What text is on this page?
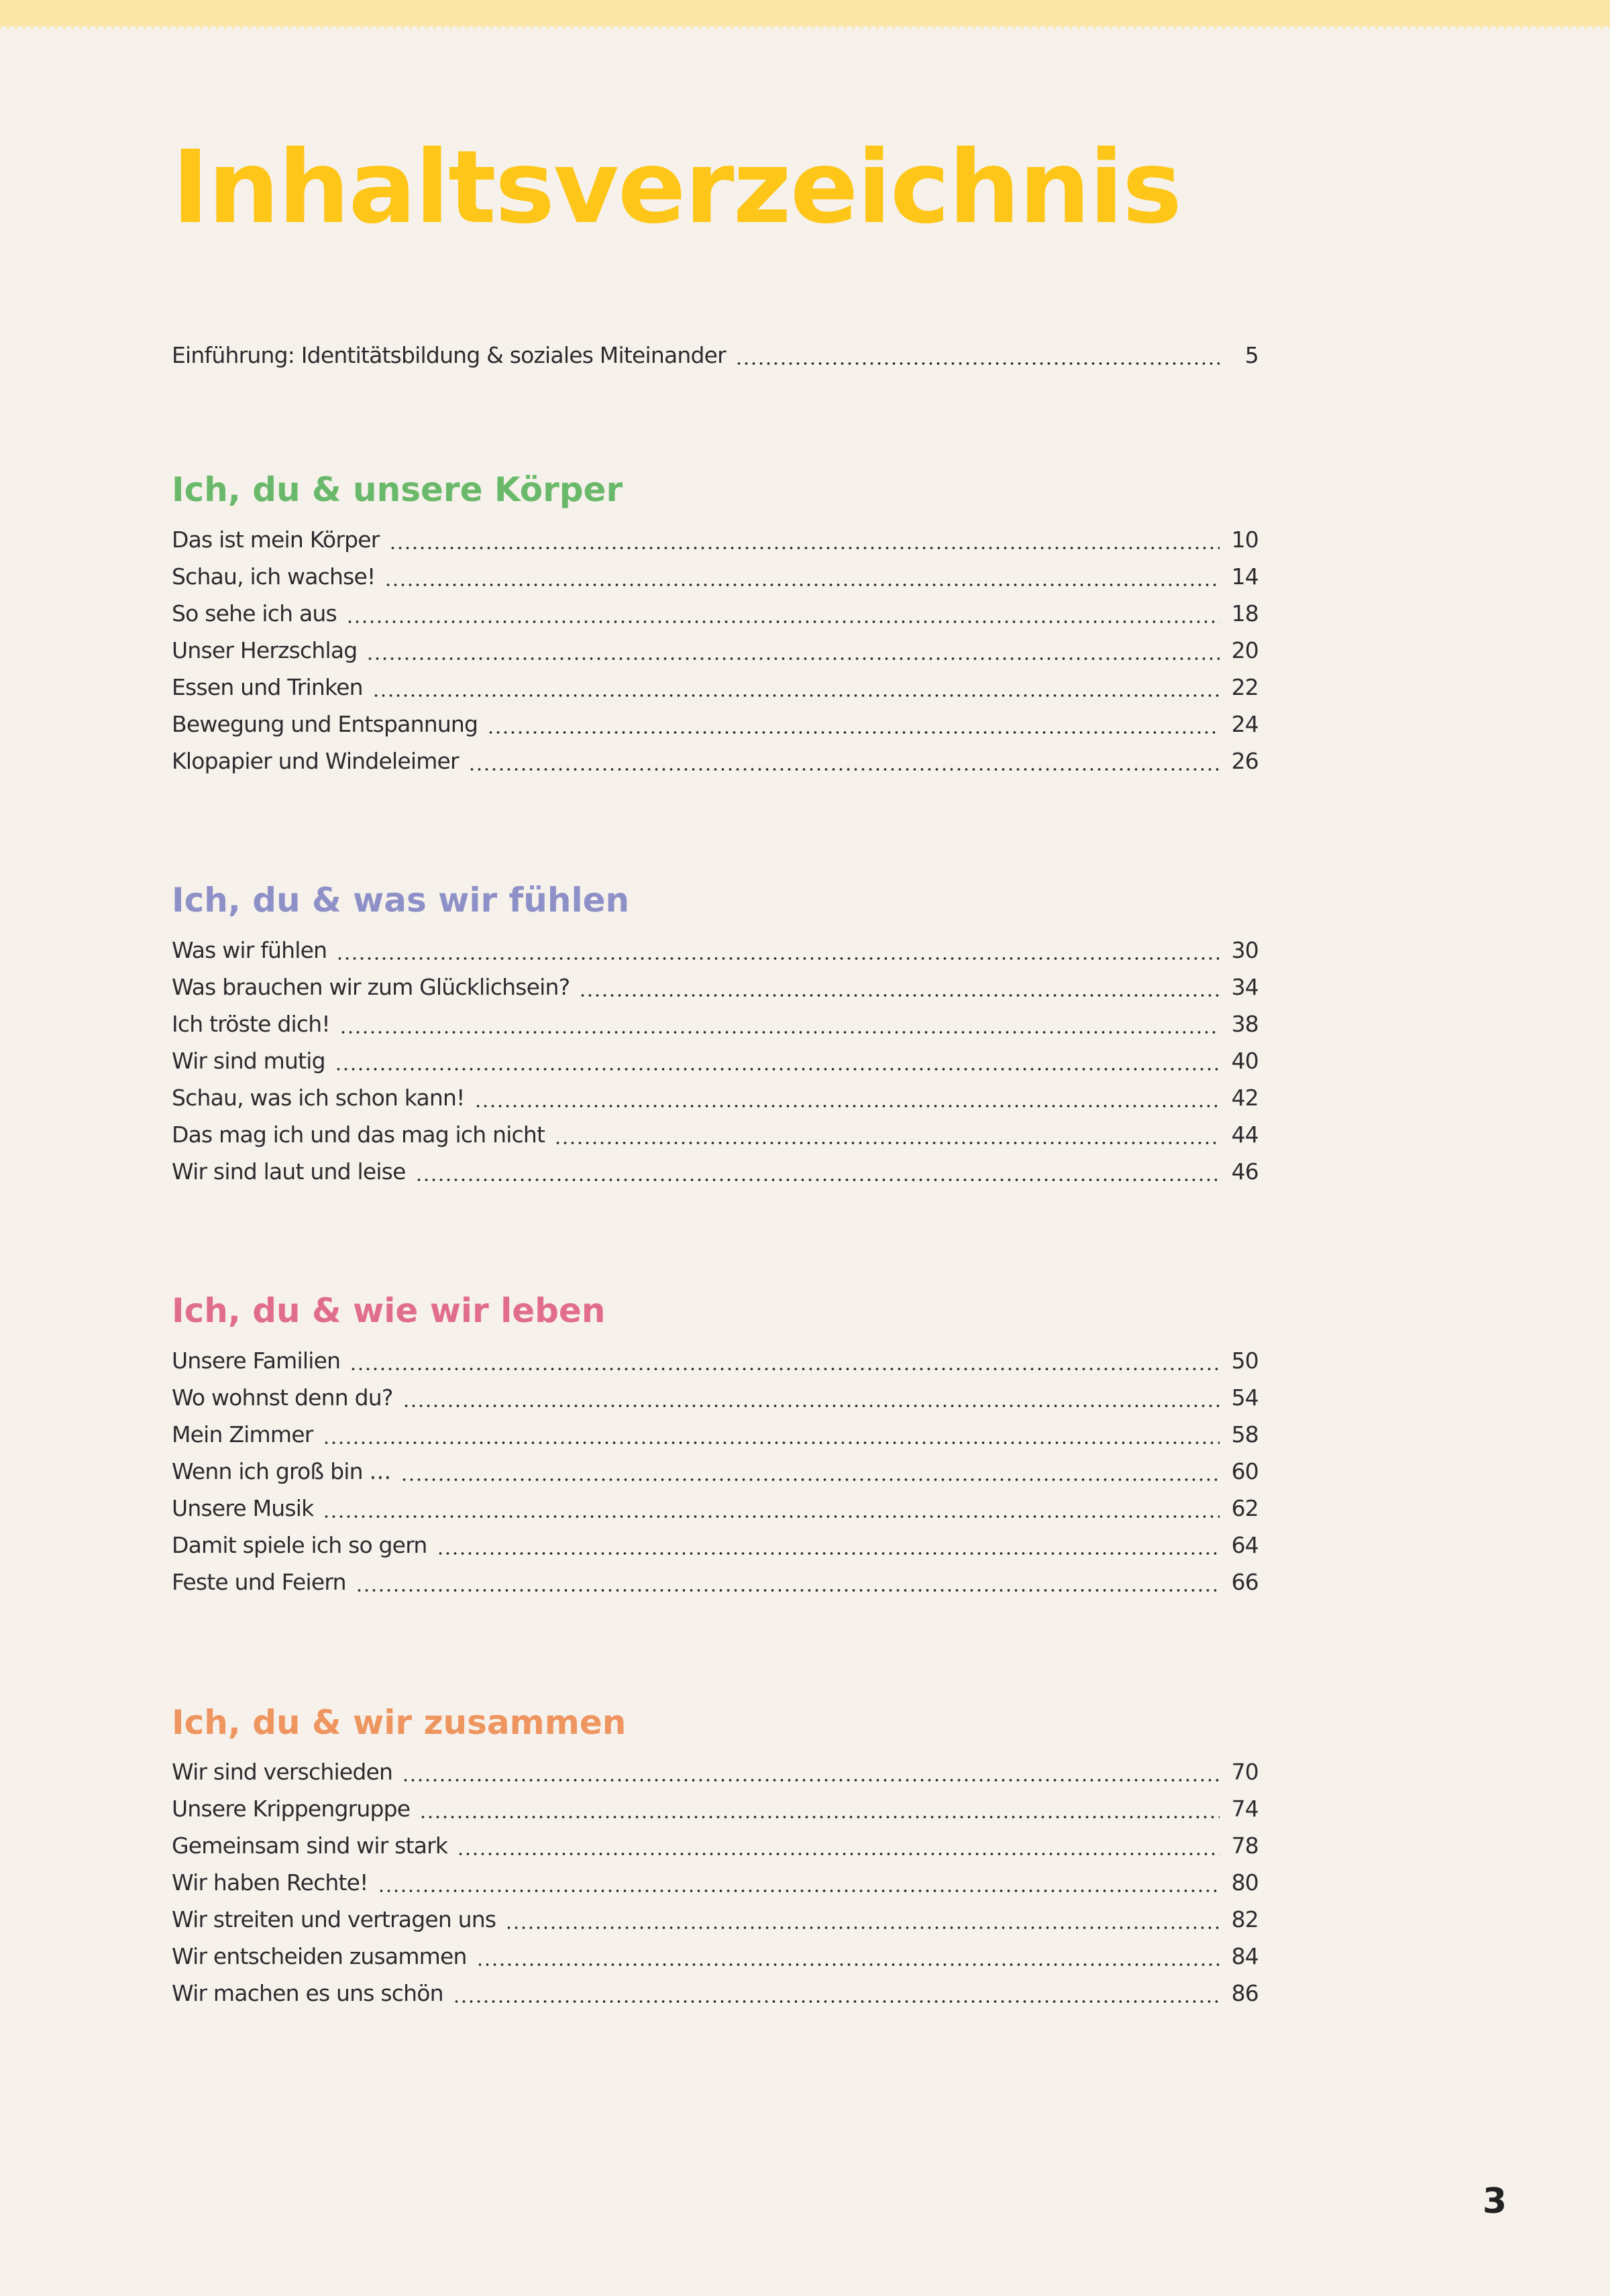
Inhaltsverzeichnis
Einführung: Identitätsbildung & soziales Miteinander	5
Ich, du & unsere Körper
Das ist mein Körper	10
Schau, ich wachse!	14
So sehe ich aus	18
Unser Herzschlag	20
Essen und Trinken	22
Bewegung und Entspannung	24
Klopapier und Windeleimer	26
Ich, du & was wir fühlen
Was wir fühlen	30
Was brauchen wir zum Glücklichsein?	34
Ich tröste dich!	38
Wir sind mutig	40
Schau, was ich schon kann!	42
Das mag ich und das mag ich nicht	44
Wir sind laut und leise	46
Ich, du & wie wir leben
Unsere Familien	50
Wo wohnst denn du?	54
Mein Zimmer	58
Wenn ich groß bin …	60
Unsere Musik	62
Damit spiele ich so gern	64
Feste und Feiern	66
Ich, du & wir zusammen
Wir sind verschieden	70
Unsere Krippengruppe	74
Gemeinsam sind wir stark	78
Wir haben Rechte!	80
Wir streiten und vertragen uns	82
Wir entscheiden zusammen	84
Wir machen es uns schön	86
3
